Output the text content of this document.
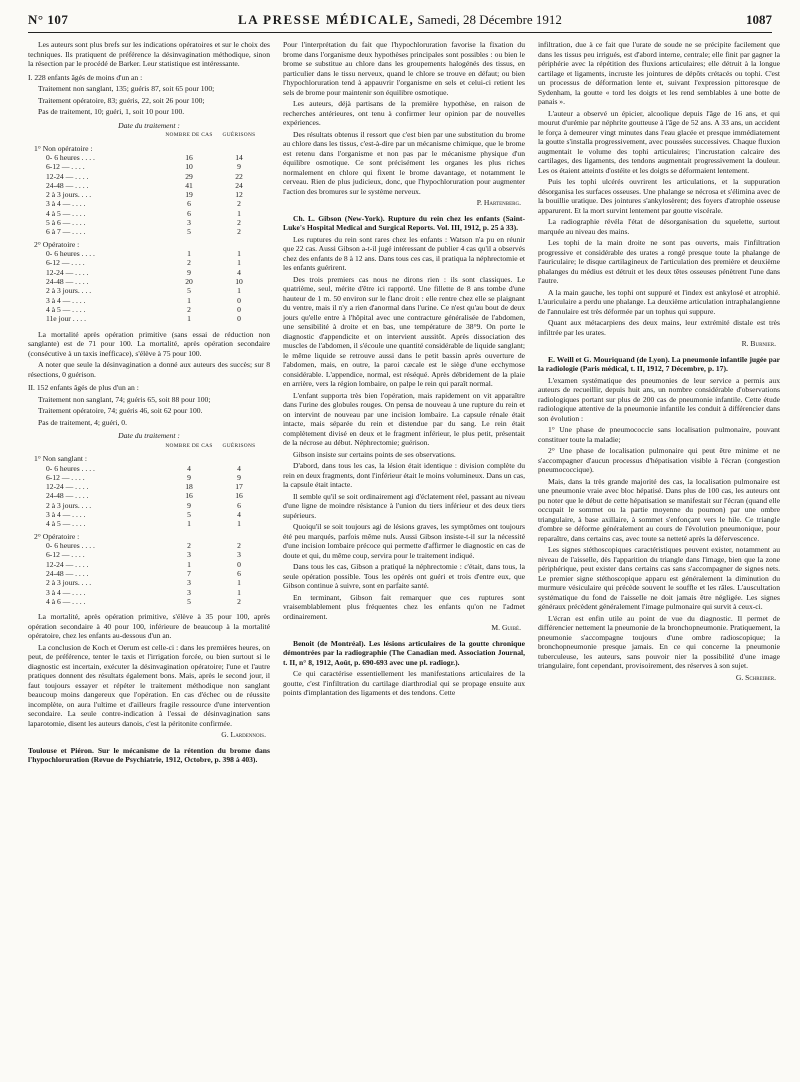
N° 107	LA PRESSE MÉDICALE, Samedi, 28 Décembre 1912	1087

Les auteurs sont plus brefs sur les indications opératoires et sur le choix des techniques. Ils pratiquent de préférence la désinvagination méthodique, sinon la résection par le procédé de Barker. Leur statistique est intéressante.

I. 228 enfants âgés de moins d'un an :

Traitement non sanglant, 135; guéris 87, soit 65 pour 100;

Traitement opératoire, 83; guéris, 22, soit 26 pour 100;

Pas de traitement, 10; guéri, 1, soit 10 pour 100.

Date du traitement :
NOMBRE DE CAS	GUÉRISONS
1° Non opératoire :
0- 6 heures . . . .	16	14
6-12 — . . . .	10	9
12-24 — . . . .	29	22
24-48 — . . . .	41	24
2 à 3 jours. . . .	19	12
3 à 4 — . . . .	6	2
4 à 5 — . . . .	6	1
5 à 6 — . . . .	3	2
6 à 7 — . . . .	5	2
2° Opératoire :
0- 6 heures . . . .	1	1
6-12 — . . . .	2	1
12-24 — . . . .	9	4
24-48 — . . . .	20	10
2 à 3 jours. . . .	5	1
3 à 4 — . . . .	1	0
4 à 5 — . . . .	2	0
11e jour . . . .	1	0

La mortalité après opération primitive (sans essai de réduction non sanglante) est de 71 pour 100. La mortalité, après opération secondaire (consécutive à un taxis inefficace), s'élève à 75 pour 100.

A noter que seule la désinvagination a donné aux auteurs des succès; sur 8 résections, 0 guérison.

II. 152 enfants âgés de plus d'un an :

Traitement non sanglant, 74; guéris 65, soit 88 pour 100;

Traitement opératoire, 74; guéris 46, soit 62 pour 100.

Pas de traitement, 4; guéri, 0.

Date du traitement :
NOMBRE DE CAS	GUÉRISONS
1° Non sanglant :
0- 6 heures . . . .	4	4
6-12 — . . . .	9	9
12-24 — . . . .	18	17
24-48 — . . . .	16	16
2 à 3 jours. . . .	9	6
3 à 4 — . . . .	5	4
4 à 5 — . . . .	1	1
2° Opératoire :
0- 6 heures . . . .	2	2
6-12 — . . . .	3	3
12-24 — . . . .	1	0
24-48 — . . . .	7	6
2 à 3 jours. . . .	3	1
3 à 4 — . . . .	3	1
4 à 6 — . . . .	5	2

La mortalité, après opération primitive, s'élève à 35 pour 100, après opération secondaire à 40 pour 100, inférieure de beaucoup à la mortalité opératoire, chez les enfants au-dessous d'un an.

La conclusion de Koch et Oerum est celle-ci : dans les premières heures, on peut, de préférence, tenter le taxis et l'irrigation forcée, ou bien surtout si le diagnostic est incertain, exécuter la désinvagination opératoire; l'une et l'autre pratiques donnent des résultats également bons. Mais, après le second jour, il faut toujours essayer et répéter le traitement méthodique non sanglant beaucoup moins dangereux que l'opération. En cas d'échec ou de réussite incomplète, on aura l'ultime et d'ailleurs fragile ressource d'une intervention secondaire. La seule contre-indication à l'essai de désinvagination sans laparotomie, disent les auteurs danois, c'est la péritonite confirmée.

G. Lardennois.

Toulouse et Piéron. Sur le mécanisme de la rétention du brome dans l'hypochloruration (Revue de Psychiatrie, 1912, Octobre, p. 398 à 403).

Pour l'interprétation du fait que l'hypochloruration favorise la fixation du brome dans l'organisme deux hypothèses principales sont possibles : ou bien le brome se substitue au chlore dans les groupements halogénés des tissus, en particulier dans le tissu nerveux, quand le chlore se trouve en défaut; ou bien l'hypochloruration tend à appauvrir l'organisme en sels et celui-ci retient les sels de brome pour maintenir son équilibre osmotique.

Les auteurs, déjà partisans de la première hypothèse, en raison de recherches antérieures, ont tenu à confirmer leur opinion par de nouvelles expériences.

Des résultats obtenus il ressort que c'est bien par une substitution du brome au chlore dans les tissus, c'est-à-dire par un mécanisme chimique, que le brome est retenu dans l'organisme et non pas par le mécanisme physique d'un équilibre osmotique. Ce sont précisément les organes les plus riches normalement en chlore qui fixent le brome davantage, et notamment le cerveau. Rien de plus judicieux, donc, que l'hypochloruration pour augmenter l'action des bromures sur le système nerveux.

P. Hartenberg.

Ch. L. Gibson (New-York). Rupture du rein chez les enfants (Saint-Luke's Hospital Medical and Surgical Reports. Vol. III, 1912, p. 25 à 33).

Les ruptures du rein sont rares chez les enfants : Watson n'a pu en réunir que 22 cas. Aussi Gibson a-t-il jugé intéressant de publier 4 cas qu'il a observés chez des enfants de 8 à 12 ans. Dans tous ces cas, il pratiqua la néphrectomie et les enfants guérirent.

Des trois premiers cas nous ne dirons rien : ils sont classiques. Le quatrième, seul, mérite d'être ici rapporté. Une fillette de 8 ans tombe d'une hauteur de 1 m. 50 environ sur le flanc droit : elle rentre chez elle se plaignant du ventre, mais il n'y a rien d'anormal dans l'urine. Ce n'est qu'au bout de deux jours qu'elle entre à l'hôpital avec une contracture généralisée de l'abdomen, une sensibilité à droite et en bas, une température de 38°9. On porte le diagnostic d'appendicite et on intervient aussitôt. Après dissociation des muscles de l'abdomen, il s'écoule une quantité considérable de liquide sanglant; le même liquide se retrouve aussi dans le petit bassin après ouverture de l'abdomen, mais, en outre, la paroi cæcale est le siège d'une ecchymose considérable. L'appendice, normal, est réséqué. Après débridement de la plaie en arrière, vers la région lombaire, on palpe le rein qui paraît normal.

L'enfant supporta très bien l'opération, mais rapidement on vit apparaître dans l'urine des globules rouges. On pensa de nouveau à une rupture du rein et on intervint de nouveau par une incision lombaire. La capsule rénale était intacte, mais séparée du rein et distendue par du sang. Le rein était complètement divisé en deux et le fragment inférieur, le plus petit, présentait de la nécrose au début. Néphrectomie; guérison.

Gibson insiste sur certains points de ses observations.

D'abord, dans tous les cas, la lésion était identique : division complète du rein en deux fragments, dont l'inférieur était le moins volumineux. Dans un cas, la capsule était intacte.

Il semble qu'il se soit ordinairement agi d'éclatement réel, passant au niveau d'une ligne de moindre résistance à l'union du tiers inférieur et des deux tiers supérieurs.

Quoiqu'il se soit toujours agi de lésions graves, les symptômes ont toujours été peu marqués, parfois même nuls. Aussi Gibson insiste-t-il sur la nécessité d'une incision lombaire précoce qui permette d'affirmer le diagnostic en cas de doute et qui, du même coup, servira pour le traitement indiqué.

Dans tous les cas, Gibson a pratiqué la néphrectomie : c'était, dans tous, la seule opération possible. Tous les opérés ont guéri et trois d'entre eux, que Gibson continue à suivre, sont en parfaite santé.

En terminant, Gibson fait remarquer que ces ruptures sont vraisemblablement plus fréquentes chez les enfants qu'on ne l'admet ordinairement.

M. Guibé.

Benoit (de Montréal). Les lésions articulaires de la goutte chronique démontrées par la radiographie (The Canadian med. Association Journal, t. II, n° 8, 1912, Août, p. 690-693 avec une pl. radiogr.).

Ce qui caractérise essentiellement les manifestations articulaires de la goutte, c'est l'infiltration du cartilage diarthrodial qui se propage ensuite aux points d'implantation des ligaments et des tendons. Cette

infiltration, due à ce fait que l'urate de soude ne se précipite facilement que dans les tissus peu irrigués, est d'abord interne, centrale; elle finit par gagner la périphérie avec la répétition des fluxions articulaires; elle détruit à la longue cartilage et ligaments, incruste les jointures de dépôts crétacés ou tophi. C'est un processus de déformation lente et, suivant l'expression pittoresque de Sydenham, la goutte « tord les doigts et les rend semblables à une botte de panais ».

L'auteur a observé un épicier, alcoolique depuis l'âge de 16 ans, et qui mourut d'urémie par néphrite goutteuse à l'âge de 52 ans. A 33 ans, un accident le força à demeurer vingt minutes dans l'eau glacée et presque immédiatement la goutte s'installa progressivement, avec poussées successives. Chaque fluxion augmentait le volume des tophi articulaires; l'incrustation calcaire des cartilages, des ligaments, des tendons augmentait progressivement la douleur. Les os étaient atteints d'ostéite et les doigts se déformaient lentement.

Puis les tophi ulcérés ouvrirent les articulations, et la suppuration désorganisa les surfaces osseuses. Une phalange se nécrosa et s'élimina avec de la bouillie uratique. Des jointures s'ankylosèrent; des foyers d'atrophie osseuse apparurent. Et la mort survint lentement par goutte viscérale.

La radiographie révéla l'état de désorganisation du squelette, surtout marquée au niveau des mains.

Les tophi de la main droite ne sont pas ouverts, mais l'infiltration progressive et considérable des urates a rongé presque toute la phalange de l'auriculaire; le disque cartilagineux de l'articulation des première et deuxième phalanges du médius est détruit et les deux têtes osseuses pénètrent l'une dans l'autre.

A la main gauche, les tophi ont suppuré et l'index est ankylosé et atrophié. L'auriculaire a perdu une phalange. La deuxième articulation intraphalangienne de l'annulaire est très déformée par un tophus qui suppure.

Quant aux métacarpiens des deux mains, leur extrémité distale est très infiltrée par les urates.

R. Burnier.

E. Weill et G. Mouriquand (de Lyon). La pneumonie infantile jugée par la radiologie (Paris médical, t. II, 1912, 7 Décembre, p. 17).

L'examen systématique des pneumonies de leur service a permis aux auteurs de recueillir, depuis huit ans, un nombre considérable d'observations radiologiques portant sur plus de 200 cas de pneumonie infantile. Cette étude radiologique attentive de la pneumonie infantile les conduit à différencier dans son évolution :

1° Une phase de pneumococcie sans localisation pulmonaire, pouvant constituer toute la maladie;

2° Une phase de localisation pulmonaire qui peut être minime et ne s'accompagner d'aucun processus d'hépatisation visible à l'écran (congestion pneumococcique).

Mais, dans la très grande majorité des cas, la localisation pulmonaire est une pneumonie vraie avec bloc hépatisé. Dans plus de 100 cas, les auteurs ont pu noter que le début de cette hépatisation se manifestait sur l'écran (quand elle occupait le sommet ou la partie moyenne du poumon) par une ombre triangulaire, à base axillaire, à sommet s'enfonçant vers le hile. Ce triangle d'ombre se déforme généralement au cours de l'évolution pneumonique, pour reparaître, dans certains cas, avec toute sa netteté après la défervescence.

Les signes stéthoscopiques caractéristiques peuvent exister, notamment au niveau de l'aisselle, dès l'apparition du triangle dans l'image, bien que la zone périphérique, peut exister dans certains cas sans s'accompagner de signes nets. Le premier signe stéthoscopique apparu est généralement la diminution du murmure vésiculaire qui précède souvent le souffle et les râles. L'auscultation systématique du fond de l'aisselle ne doit jamais être négligée. Les signes généraux précèdent généralement l'image pulmonaire qui survit à ceux-ci.

L'écran est enfin utile au point de vue du diagnostic. Il permet de différencier nettement la pneumonie de la bronchopneumonie. Pratiquement, la pneumonie s'accompagne toujours d'une ombre radioscopique; la bronchopneumonie presque jamais. En ce qui concerne la pneumonie tuberculeuse, les auteurs, sans pouvoir nier la possibilité d'une image triangulaire, font cependant, provisoirement, des réserves à son sujet.

G. Schreiber.
